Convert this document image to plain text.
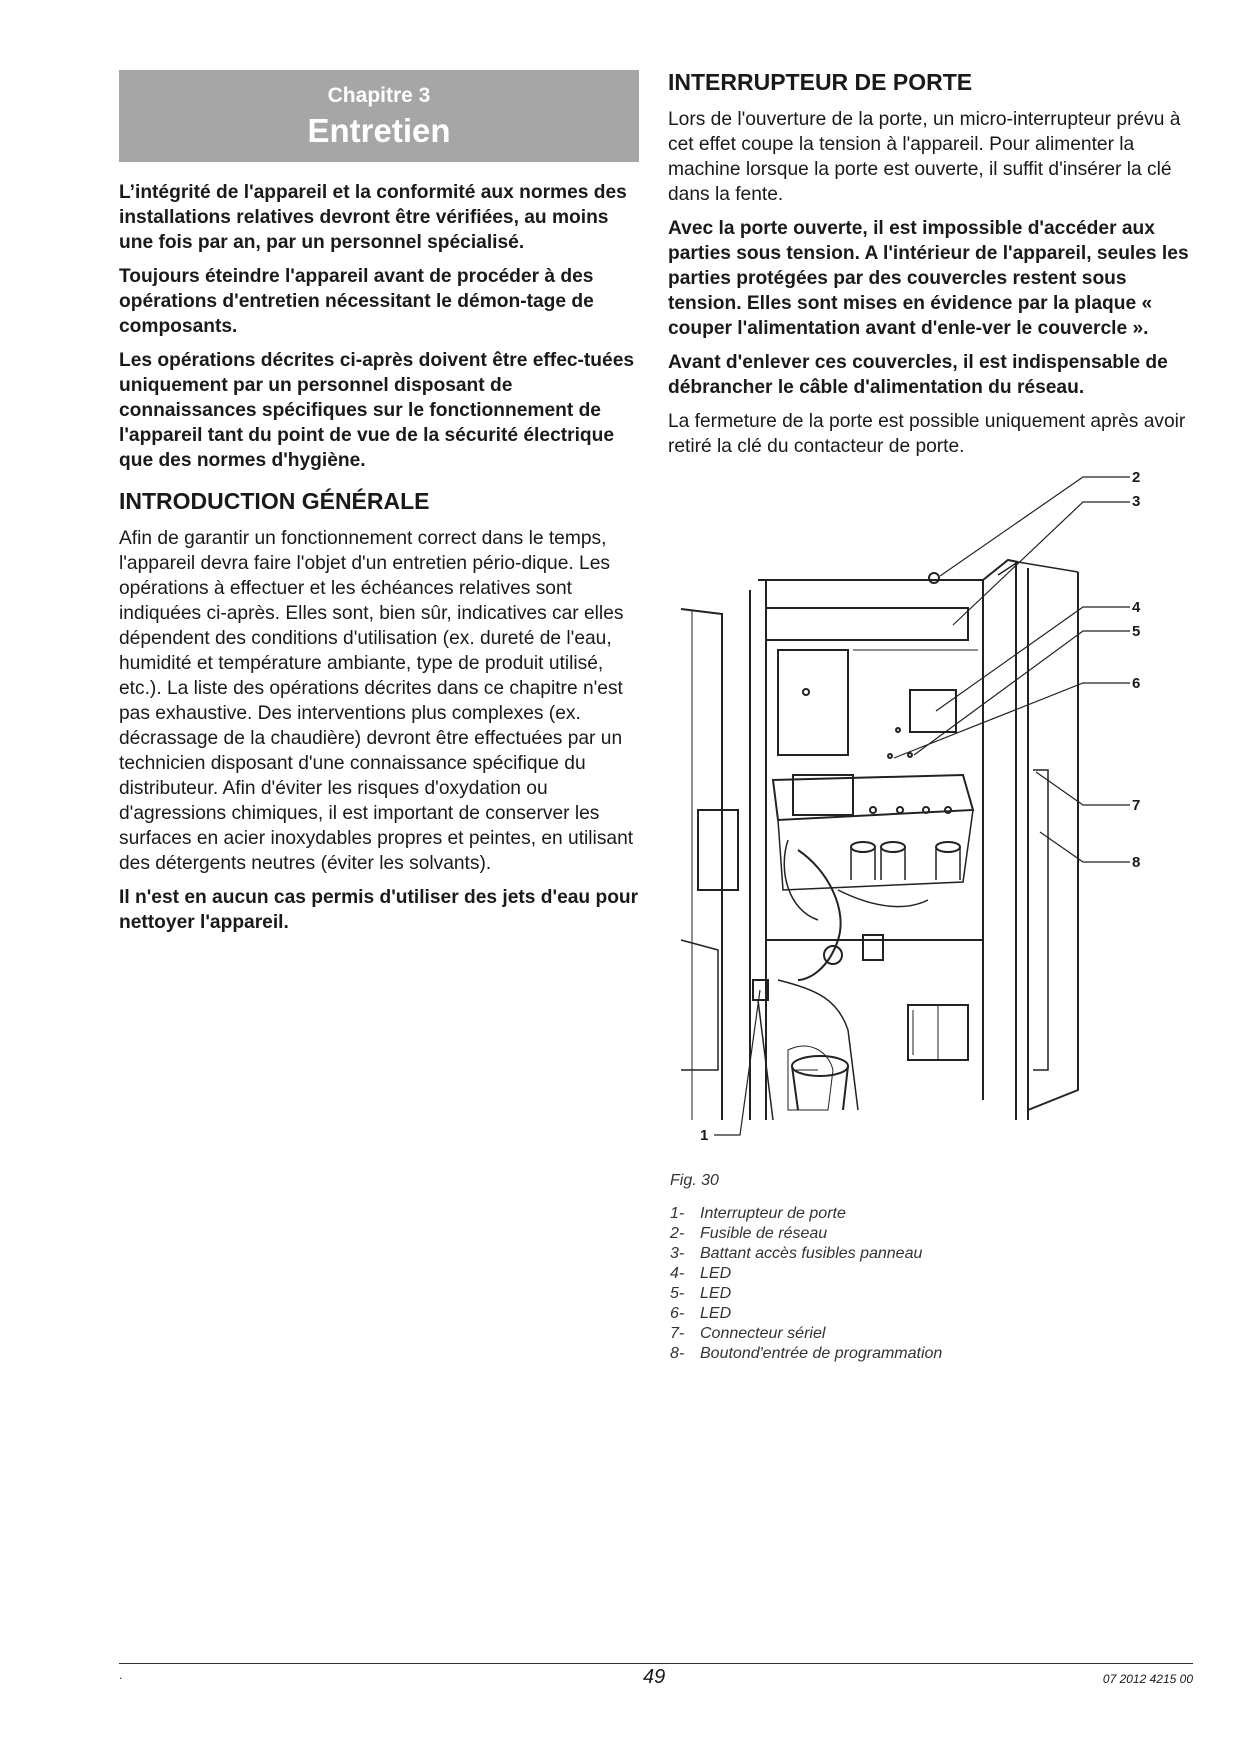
Chapitre 3
Entretien

L’intégrité de l'appareil et la conformité aux normes des installations relatives devront être vérifiées, au moins une fois par an, par un personnel spécialisé.

Toujours éteindre l'appareil avant de procéder à des opérations d'entretien nécessitant le démon-tage de composants.

Les opérations décrites ci-après doivent être effec-tuées uniquement par un personnel disposant de connaissances spécifiques sur le fonctionnement de l'appareil tant du point de vue de la sécurité électrique que des normes d'hygiène.

INTRODUCTION GÉNÉRALE

Afin de garantir un fonctionnement correct dans le temps, l'appareil devra faire l'objet d'un entretien pério-dique. Les opérations à effectuer et les échéances relatives sont indiquées ci-après. Elles sont, bien sûr, indicatives car elles dépendent des conditions d'utilisation (ex. dureté de l'eau, humidité et température ambiante, type de produit utilisé, etc.). La liste des opérations décrites dans ce chapitre n'est pas exhaustive. Des interventions plus complexes (ex. décrassage de la chaudière) devront être effectuées par un technicien disposant d'une connaissance spécifique du distributeur. Afin d'éviter les risques d'oxydation ou d'agressions chimiques, il est important de conserver les surfaces en acier inoxydables propres et peintes, en utilisant des détergents neutres (éviter les solvants).

Il n'est en aucun cas permis d'utiliser des jets d'eau pour nettoyer l'appareil.

INTERRUPTEUR DE PORTE

Lors de l'ouverture de la porte, un micro-interrupteur prévu à cet effet coupe la tension à l'appareil. Pour alimenter la machine lorsque la porte est ouverte, il suffit d'insérer la clé dans la fente.

Avec la porte ouverte, il est impossible d'accéder aux parties sous tension. A l'intérieur de l'appareil, seules les parties protégées par des couvercles restent sous tension. Elles sont mises en évidence par la plaque « couper l'alimentation avant d'enle-ver le couvercle ».

Avant d'enlever ces couvercles, il est indispensable de débrancher le câble d'alimentation du réseau.

La fermeture de la porte est possible uniquement après avoir retiré la clé du contacteur de porte.

2
3
4
5
6
7
8
1
Fig. 30
1- Interrupteur de porte
2- Fusible de réseau
3- Battant accès fusibles panneau
4- LED
5- LED
6- LED
7- Connecteur sériel
8- Boutond'entrée de programmation
.	49	07 2012 4215 00
